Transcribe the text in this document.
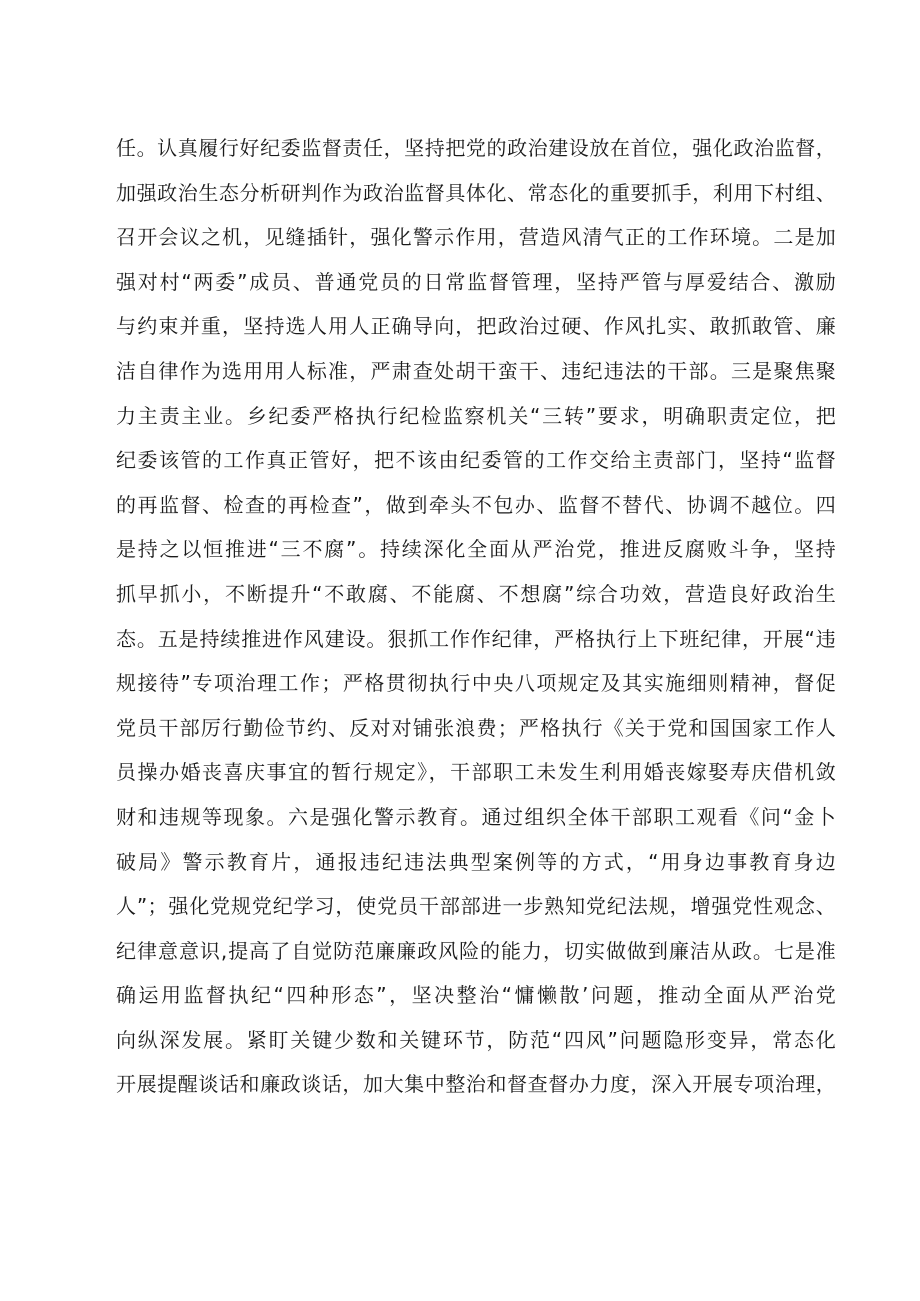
任。认真履行好纪委监督责任，坚持把党的政治建设放在首位，强化政治监督，
加强政治生态分析研判作为政治监督具体化、常态化的重要抓手，利用下村组、
召开会议之机，见缝插针，强化警示作用，营造风清气正的工作环境。二是加
强对村“两委”成员、普通党员的日常监督管理，坚持严管与厚爱结合、激励
与约束并重，坚持选人用人正确导向，把政治过硬、作风扎实、敢抓敢管、廉
洁自律作为选用用人标准，严肃查处胡干蛮干、违纪违法的干部。三是聚焦聚
力主责主业。乡纪委严格执行纪检监察机关“三转”要求，明确职责定位，把
纪委该管的工作真正管好，把不该由纪委管的工作交给主责部门，坚持“监督
的再监督、检查的再检查”，做到牵头不包办、监督不替代、协调不越位。四
是持之以恒推进“三不腐”。持续深化全面从严治党，推进反腐败斗争，坚持
抓早抓小，不断提升“不敢腐、不能腐、不想腐”综合功效，营造良好政治生
态。五是持续推进作风建设。狠抓工作作纪律，严格执行上下班纪律，开展“违
规接待”专项治理工作；严格贯彻执行中央八项规定及其实施细则精神，督促
党员干部厉行勤俭节约、反对对铺张浪费；严格执行《关于党和国国家工作人
员操办婚丧喜庆事宜的暂行规定》，干部职工未发生利用婚丧嫁娶寿庆借机敛
财和违规等现象。六是强化警示教育。通过组织全体干部职工观看《问“金卜
破局》警示教育片，通报违纪违法典型案例等的方式，“用身边事教育身边
人”；强化党规党纪学习，使党员干部部进一步熟知党纪法规，增强党性观念、
纪律意意识,提高了自觉防范廉廉政风险的能力，切实做做到廉洁从政。七是准
确运用监督执纪“四种形态”，坚决整治“慵懒散’问题，推动全面从严治党
向纵深发展。紧盯关键少数和关键环节，防范“四风”问题隐形变异，常态化
开展提醒谈话和廉政谈话，加大集中整治和督查督办力度，深入开展专项治理，
